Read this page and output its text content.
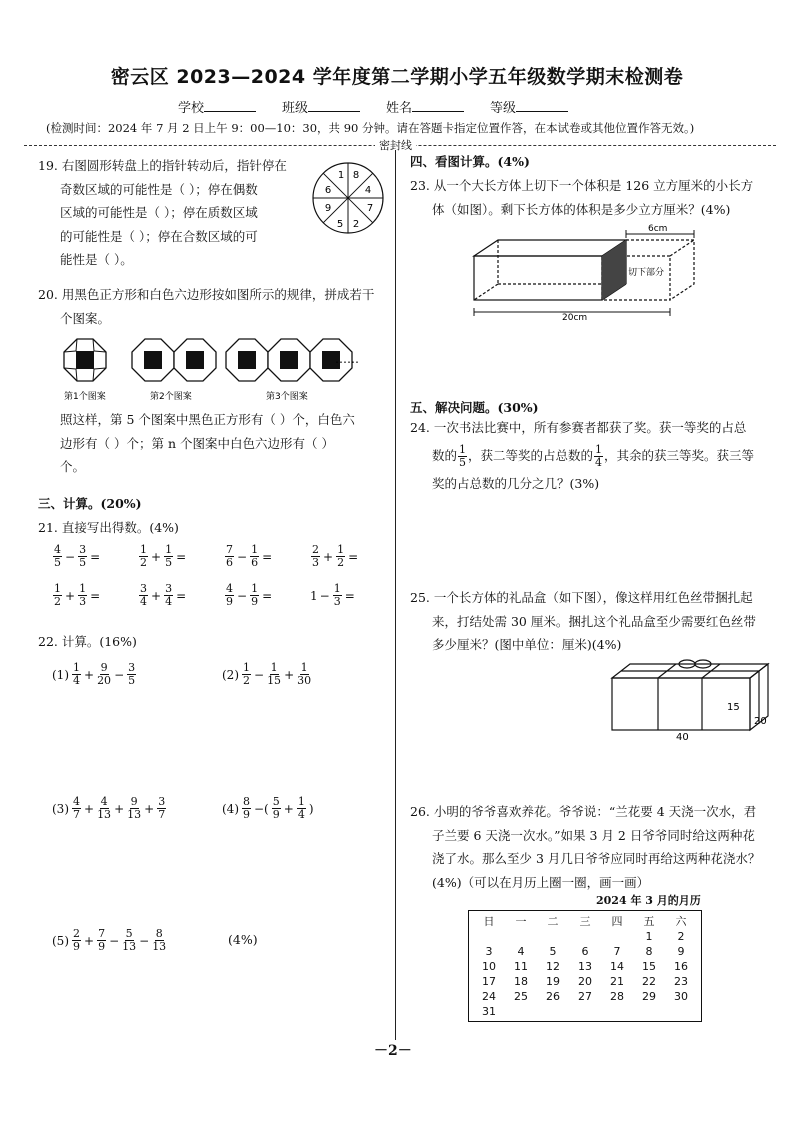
密云区 2023—2024 学年度第二学期小学五年级数学期末检测卷
学校	班级	姓名	等级
(检测时间：2024 年 7 月 2 日上午 9：00—10：30，共 90 分钟。请在答题卡指定位置作答，在本试卷或其他位置作答无效。)
密封线
19. 右图圆形转盘上的指针转动后，指针停在
奇数区域的可能性是（ ）；停在偶数
区域的可能性是（ ）；停在质数区域
的可能性是（ ）；停在合数区域的可
能性是（ ）。
1 8
4
7
2
5
9
6
20. 用黑色正方形和白色六边形按如图所示的规律，拼成若干
个图案。
……
第1个图案	第2个图案	第3个图案
照这样，第 5 个图案中黑色正方形有（ ）个，白色六
边形有（ ）个；第 n 个图案中白色六边形有（ ）
个。
三、计算。(20%)
21. 直接写出得数。(4%)
$\frac{4}{5} - \frac{3}{5}$ =	$\frac{1}{2} + \frac{1}{5}$ =	$\frac{7}{6} - \frac{1}{6}$ =	$\frac{2}{3} + \frac{1}{2}$ =
$\frac{1}{2} + \frac{1}{3}$ =	$\frac{3}{4} + \frac{3}{4}$ =	$\frac{4}{9} - \frac{1}{9}$ =	$1 - \frac{1}{3}$ =
22. 计算。(16%)
$(1) \frac{1}{4} + \frac{9}{20} - \frac{3}{5}$	$(2) \frac{1}{2} - \frac{1}{15} + \frac{1}{30}$
$(3) \frac{4}{7} + \frac{4}{13} + \frac{9}{13} + \frac{3}{7}$	$(4) \frac{8}{9}$ −( $\frac{5}{9} + \frac{1}{4}$ )
$(5) \frac{2}{9} + \frac{7}{9} - \frac{5}{13} - \frac{8}{13}$	(4%)
四、看图计算。(4%)
23. 从一个大长方体上切下一个体积是 126 立方厘米的小长方
体（如图）。剩下长方体的体积是多少立方厘米？(4%)
6cm
切下部分
20cm
五、解决问题。(30%)
24. 一次书法比赛中，所有参赛者都获了奖。获一等奖的占总
数的 $\frac{1}{5}$ ，获二等奖的占总数的 $\frac{1}{4}$ ，其余的获三等奖。获三等
奖的占总数的几分之几？(3%)
25. 一个长方体的礼品盒（如下图），像这样用红色丝带捆扎起
来，打结处需 30 厘米。捆扎这个礼品盒至少需要红色丝带
多少厘米？(图中单位：厘米)(4%)
15
20
40
26. 小明的爷爷喜欢养花。爷爷说：“兰花要 4 天浇一次水，君
子兰要 6 天浇一次水。”如果 3 月 2 日爷爷同时给这两种花
浇了水。那么至少 3 月几日爷爷应同时再给这两种花浇水？
(4%)（可以在月历上圈一圈，画一画）
2024 年 3 月的月历
日	一	二	三	四	五	六
					1	2
3	4	5	6	7	8	9
10	11	12	13	14	15	16
17	18	19	20	21	22	23
24	25	26	27	28	29	30
31						
－2－
